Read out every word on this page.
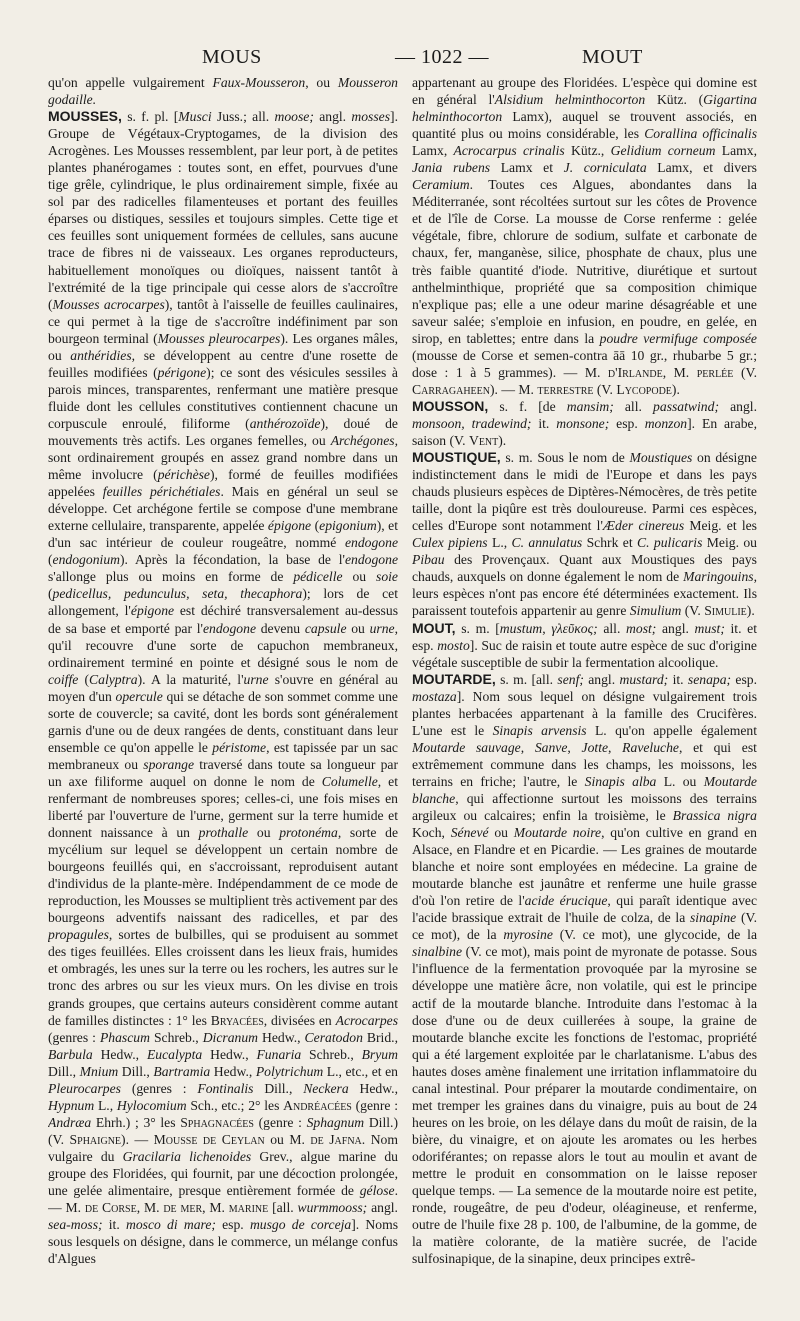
MOUS	— 1022 —	MOUT

qu'on appelle vulgairement Faux-Mousseron, ou Mousseron godaille.

MOUSSES, s. f. pl. [Musci Juss.; all. moose; angl. mosses]. Groupe de Végétaux-Cryptogames, de la division des Acrogènes. Les Mousses ressemblent, par leur port, à de petites plantes phanérogames : toutes sont, en effet, pourvues d'une tige grêle, cylindrique, le plus ordinairement simple, fixée au sol par des radicelles filamenteuses et portant des feuilles éparses ou distiques, sessiles et toujours simples. Cette tige et ces feuilles sont uniquement formées de cellules, sans aucune trace de fibres ni de vaisseaux. Les organes reproducteurs, habituellement monoïques ou dioïques, naissent tantôt à l'extrémité de la tige principale qui cesse alors de s'accroître (Mousses acrocarpes), tantôt à l'aisselle de feuilles caulinaires, ce qui permet à la tige de s'accroître indéfiniment par son bourgeon terminal (Mousses pleurocarpes). Les organes mâles, ou anthéridies, se développent au centre d'une rosette de feuilles modifiées (périgone); ce sont des vésicules sessiles à parois minces, transparentes, renfermant une matière presque fluide dont les cellules constitutives contiennent chacune un corpuscule enroulé, filiforme (anthérozoïde), doué de mouvements très actifs. Les organes femelles, ou Archégones, sont ordinairement groupés en assez grand nombre dans un même involucre (périchèse), formé de feuilles modifiées appelées feuilles périchétiales. Mais en général un seul se développe. Cet archégone fertile se compose d'une membrane externe cellulaire, transparente, appelée épigone (epigonium), et d'un sac intérieur de couleur rougeâtre, nommé endogone (endogonium). Après la fécondation, la base de l'endogone s'allonge plus ou moins en forme de pédicelle ou soie (pedicellus, pedunculus, seta, thecaphora); lors de cet allongement, l'épigone est déchiré transversalement au-dessus de sa base et emporté par l'endogone devenu capsule ou urne, qu'il recouvre d'une sorte de capuchon membraneux, ordinairement terminé en pointe et désigné sous le nom de coiffe (Calyptra). A la maturité, l'urne s'ouvre en général au moyen d'un opercule qui se détache de son sommet comme une sorte de couvercle; sa cavité, dont les bords sont généralement garnis d'une ou de deux rangées de dents, constituant dans leur ensemble ce qu'on appelle le péristome, est tapissée par un sac membraneux ou sporange traversé dans toute sa longueur par un axe filiforme auquel on donne le nom de Columelle, et renfermant de nombreuses spores; celles-ci, une fois mises en liberté par l'ouverture de l'urne, germent sur la terre humide et donnent naissance à un prothalle ou protonéma, sorte de mycélium sur lequel se développent un certain nombre de bourgeons feuillés qui, en s'accroissant, reproduisent autant d'individus de la plante-mère. Indépendamment de ce mode de reproduction, les Mousses se multiplient très activement par des bourgeons adventifs naissant des radicelles, et par des propagules, sortes de bulbilles, qui se produisent au sommet des tiges feuillées. Elles croissent dans les lieux frais, humides et ombragés, les unes sur la terre ou les rochers, les autres sur le tronc des arbres ou sur les vieux murs. On les divise en trois grands groupes, que certains auteurs considèrent comme autant de familles distinctes : 1° les Bryacées, divisées en Acrocarpes (genres : Phascum Schreb., Dicranum Hedw., Ceratodon Brid., Barbula Hedw., Eucalypta Hedw., Funaria Schreb., Bryum Dill., Mnium Dill., Bartramia Hedw., Polytrichum L., etc., et en Pleurocarpes (genres : Fontinalis Dill., Neckera Hedw., Hypnum L., Hylocomium Sch., etc.; 2° les Andréacées (genre : Andræa Ehrh.) ; 3° les Sphagnacées (genre : Sphagnum Dill.) (V. Sphaigne). — Mousse de Ceylan ou M. de Jafna. Nom vulgaire du Gracilaria lichenoides Grev., algue marine du groupe des Floridées, qui fournit, par une décoction prolongée, une gelée alimentaire, presque entièrement formée de gélose. — M. de Corse, M. de mer, M. marine [all. wurmmooss; angl. sea-moss; it. mosco di mare; esp. musgo de corceja]. Noms sous lesquels on désigne, dans le commerce, un mélange confus d'Algues

appartenant au groupe des Floridées. L'espèce qui domine est en général l'Alsidium helminthocorton Kütz. (Gigartina helminthocorton Lamx), auquel se trouvent associés, en quantité plus ou moins considérable, les Corallina officinalis Lamx, Acrocarpus crinalis Kütz., Gelidium corneum Lamx, Jania rubens Lamx et J. corniculata Lamx, et divers Ceramium. Toutes ces Algues, abondantes dans la Méditerranée, sont récoltées surtout sur les côtes de Provence et de l'île de Corse. La mousse de Corse renferme : gelée végétale, fibre, chlorure de sodium, sulfate et carbonate de chaux, fer, manganèse, silice, phosphate de chaux, plus une très faible quantité d'iode. Nutritive, diurétique et surtout anthelminthique, propriété que sa composition chimique n'explique pas; elle a une odeur marine désagréable et une saveur salée; s'emploie en infusion, en poudre, en gelée, en sirop, en tablettes; entre dans la poudre vermifuge composée (mousse de Corse et semen-contra āā 10 gr., rhubarbe 5 gr.; dose : 1 à 5 grammes). — M. d'Irlande, M. perlée (V. Carragaheen). — M. terrestre (V. Lycopode).

MOUSSON, s. f. [de mansim; all. passatwind; angl. monsoon, tradewind; it. monsone; esp. monzon]. En arabe, saison (V. Vent).

MOUSTIQUE, s. m. Sous le nom de Moustiques on désigne indistinctement dans le midi de l'Europe et dans les pays chauds plusieurs espèces de Diptères-Némocères, de très petite taille, dont la piqûre est très douloureuse. Parmi ces espèces, celles d'Europe sont notamment l'Æder cinereus Meig. et les Culex pipiens L., C. annulatus Schrk et C. pulicaris Meig. ou Pibau des Provençaux. Quant aux Moustiques des pays chauds, auxquels on donne également le nom de Maringouins, leurs espèces n'ont pas encore été déterminées exactement. Ils paraissent toutefois appartenir au genre Simulium (V. Simulie).

MOUT, s. m. [mustum, γλεῦκος; all. most; angl. must; it. et esp. mosto]. Suc de raisin et toute autre espèce de suc d'origine végétale susceptible de subir la fermentation alcoolique.

MOUTARDE, s. m. [all. senf; angl. mustard; it. senapa; esp. mostaza]. Nom sous lequel on désigne vulgairement trois plantes herbacées appartenant à la famille des Crucifères. L'une est le Sinapis arvensis L. qu'on appelle également Moutarde sauvage, Sanve, Jotte, Raveluche, et qui est extrêmement commune dans les champs, les moissons, les terrains en friche; l'autre, le Sinapis alba L. ou Moutarde blanche, qui affectionne surtout les moissons des terrains argileux ou calcaires; enfin la troisième, le Brassica nigra Koch, Sénevé ou Moutarde noire, qu'on cultive en grand en Alsace, en Flandre et en Picardie. — Les graines de moutarde blanche et noire sont employées en médecine. La graine de moutarde blanche est jaunâtre et renferme une huile grasse d'où l'on retire de l'acide érucique, qui paraît identique avec l'acide brassique extrait de l'huile de colza, de la sinapine (V. ce mot), de la myrosine (V. ce mot), une glycocide, de la sinalbine (V. ce mot), mais point de myronate de potasse. Sous l'influence de la fermentation provoquée par la myrosine se développe une matière âcre, non volatile, qui est le principe actif de la moutarde blanche. Introduite dans l'estomac à la dose d'une ou de deux cuillerées à soupe, la graine de moutarde blanche excite les fonctions de l'estomac, propriété qui a été largement exploitée par le charlatanisme. L'abus des hautes doses amène finalement une irritation inflammatoire du canal intestinal. Pour préparer la moutarde condimentaire, on met tremper les graines dans du vinaigre, puis au bout de 24 heures on les broie, on les délaye dans du moût de raisin, de la bière, du vinaigre, et on ajoute les aromates ou les herbes odoriférantes; on repasse alors le tout au moulin et avant de mettre le produit en consommation on le laisse reposer quelque temps. — La semence de la moutarde noire est petite, ronde, rougeâtre, de peu d'odeur, oléagineuse, et renferme, outre de l'huile fixe 28 p. 100, de l'albumine, de la gomme, de la matière colorante, de la matière sucrée, de l'acide sulfosinapique, de la sinapine, deux principes extrê-
